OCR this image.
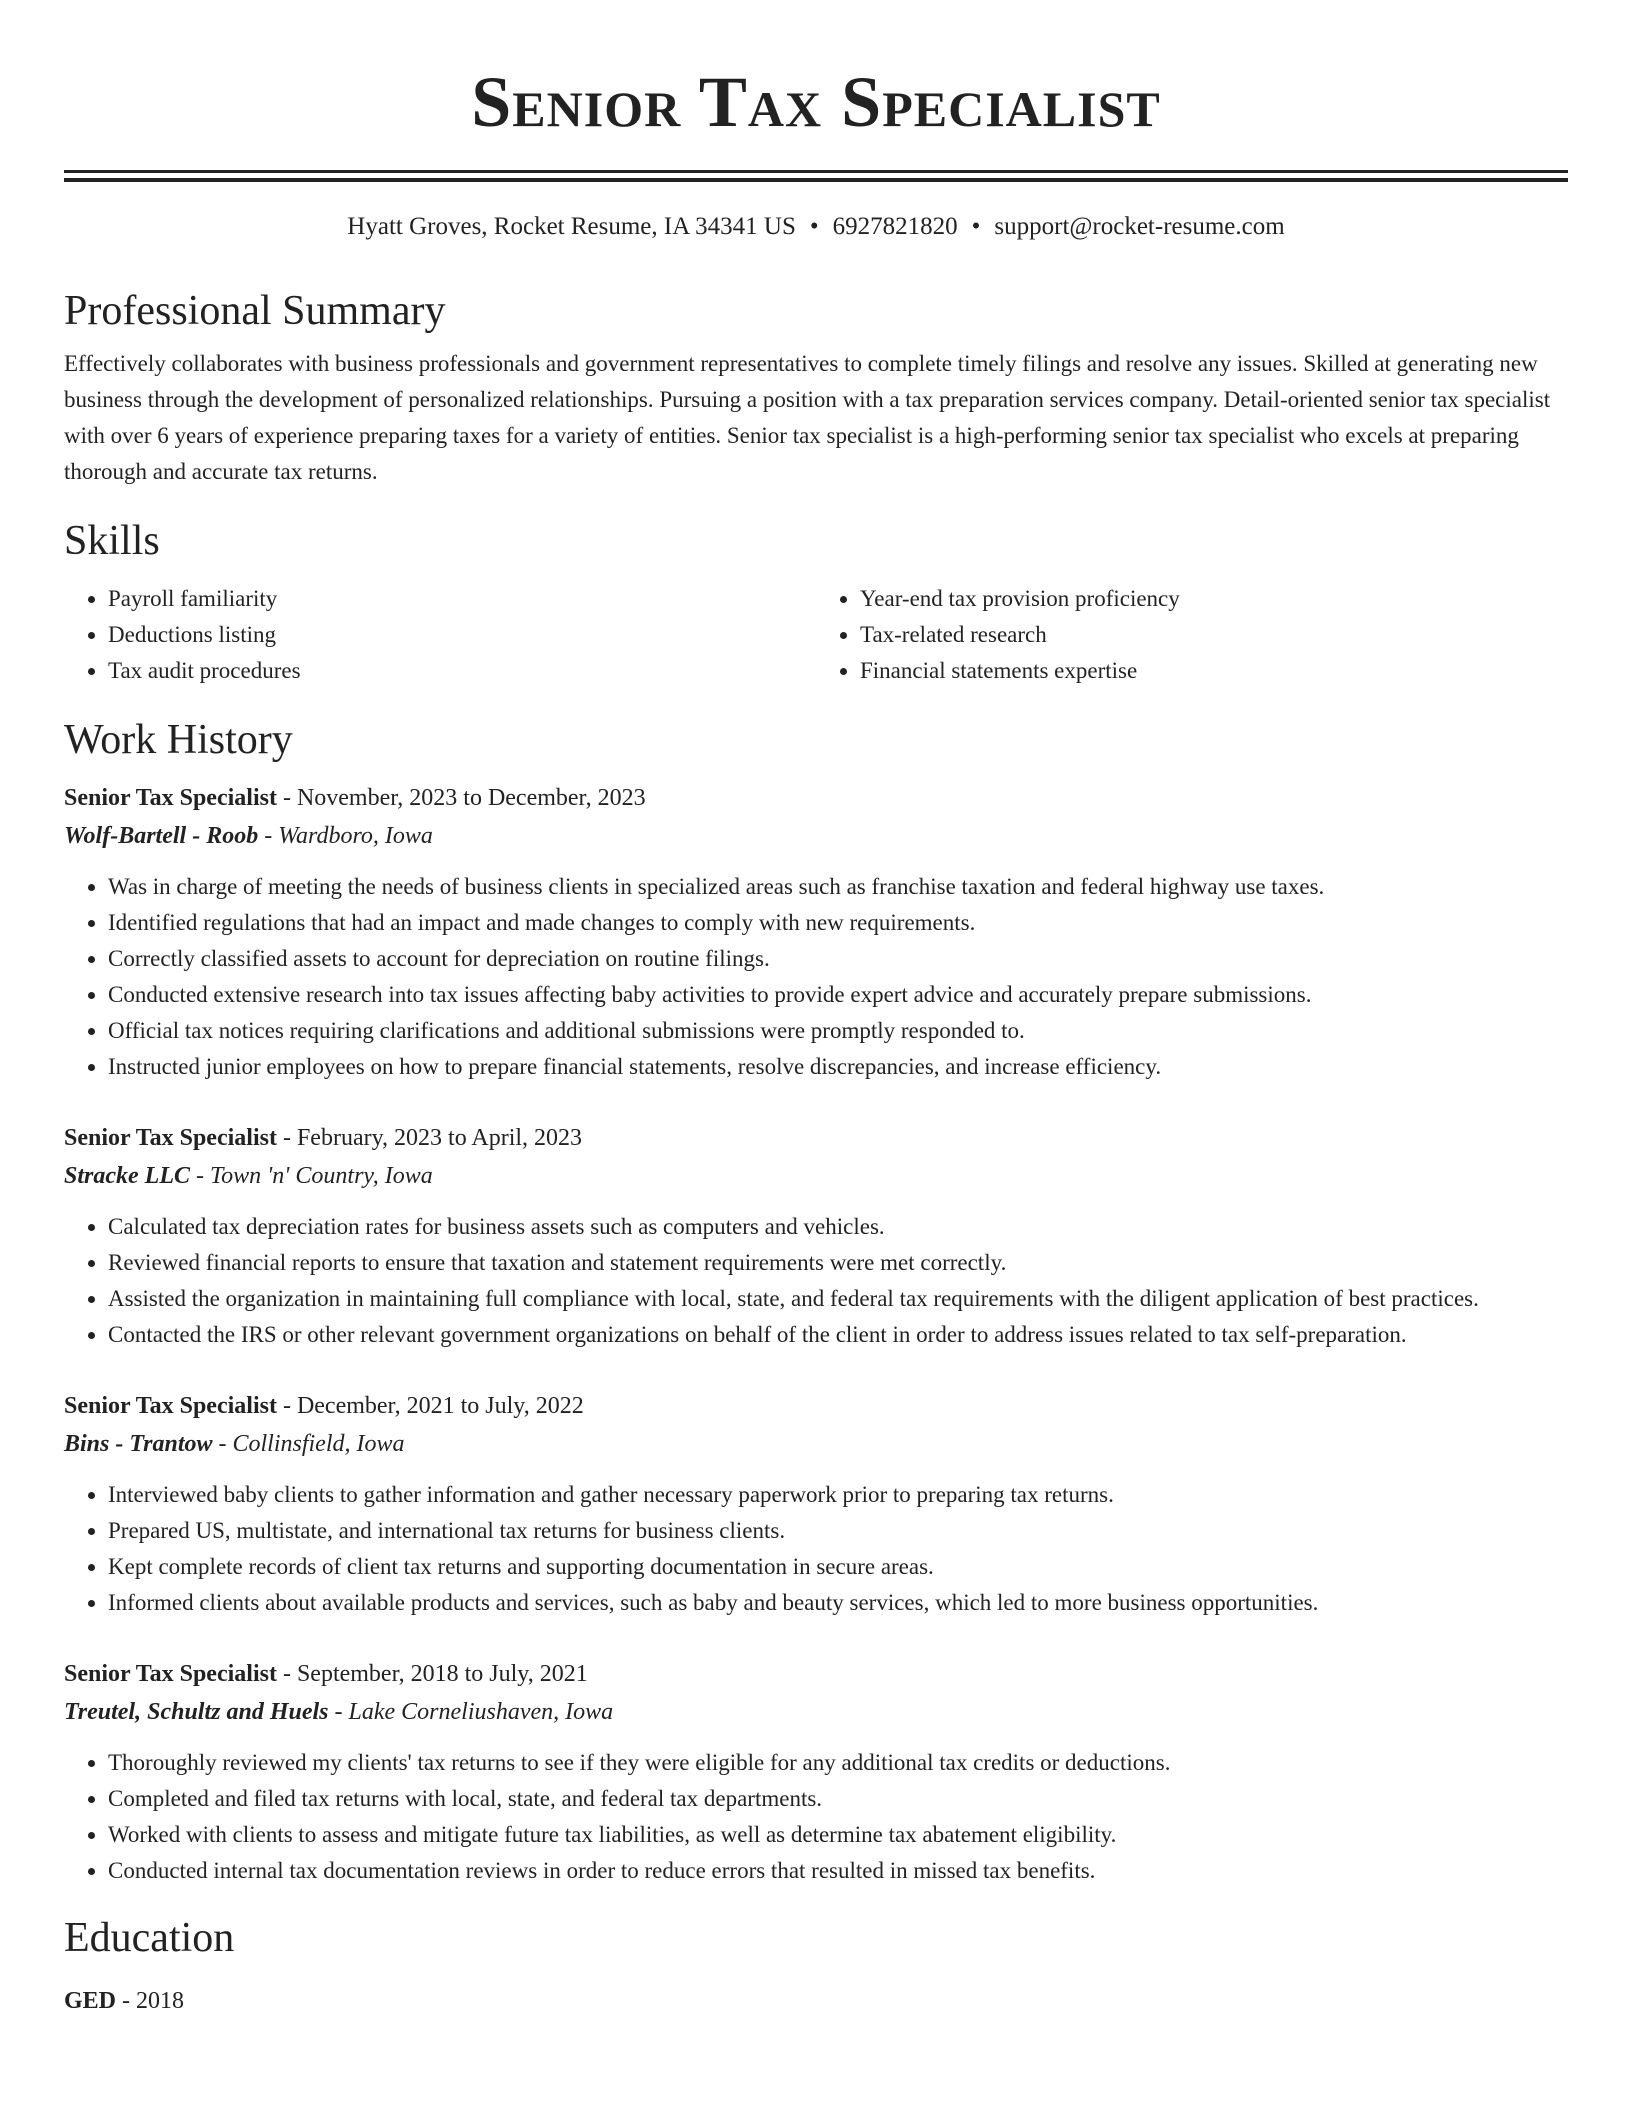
Senior Tax Specialist
Hyatt Groves, Rocket Resume, IA 34341 US • 6927821820 • support@rocket-resume.com
Professional Summary
Effectively collaborates with business professionals and government representatives to complete timely filings and resolve any issues. Skilled at generating new business through the development of personalized relationships. Pursuing a position with a tax preparation services company. Detail-oriented senior tax specialist with over 6 years of experience preparing taxes for a variety of entities. Senior tax specialist is a high-performing senior tax specialist who excels at preparing thorough and accurate tax returns.
Skills
• Payroll familiarity
• Deductions listing
• Tax audit procedures
• Year-end tax provision proficiency
• Tax-related research
• Financial statements expertise
Work History
Senior Tax Specialist - November, 2023 to December, 2023
Wolf-Bartell - Roob - Wardboro, Iowa
• Was in charge of meeting the needs of business clients in specialized areas such as franchise taxation and federal highway use taxes.
• Identified regulations that had an impact and made changes to comply with new requirements.
• Correctly classified assets to account for depreciation on routine filings.
• Conducted extensive research into tax issues affecting baby activities to provide expert advice and accurately prepare submissions.
• Official tax notices requiring clarifications and additional submissions were promptly responded to.
• Instructed junior employees on how to prepare financial statements, resolve discrepancies, and increase efficiency.
Senior Tax Specialist - February, 2023 to April, 2023
Stracke LLC - Town 'n' Country, Iowa
• Calculated tax depreciation rates for business assets such as computers and vehicles.
• Reviewed financial reports to ensure that taxation and statement requirements were met correctly.
• Assisted the organization in maintaining full compliance with local, state, and federal tax requirements with the diligent application of best practices.
• Contacted the IRS or other relevant government organizations on behalf of the client in order to address issues related to tax self-preparation.
Senior Tax Specialist - December, 2021 to July, 2022
Bins - Trantow - Collinsfield, Iowa
• Interviewed baby clients to gather information and gather necessary paperwork prior to preparing tax returns.
• Prepared US, multistate, and international tax returns for business clients.
• Kept complete records of client tax returns and supporting documentation in secure areas.
• Informed clients about available products and services, such as baby and beauty services, which led to more business opportunities.
Senior Tax Specialist - September, 2018 to July, 2021
Treutel, Schultz and Huels - Lake Corneliushaven, Iowa
• Thoroughly reviewed my clients' tax returns to see if they were eligible for any additional tax credits or deductions.
• Completed and filed tax returns with local, state, and federal tax departments.
• Worked with clients to assess and mitigate future tax liabilities, as well as determine tax abatement eligibility.
• Conducted internal tax documentation reviews in order to reduce errors that resulted in missed tax benefits.
Education
GED - 2018
